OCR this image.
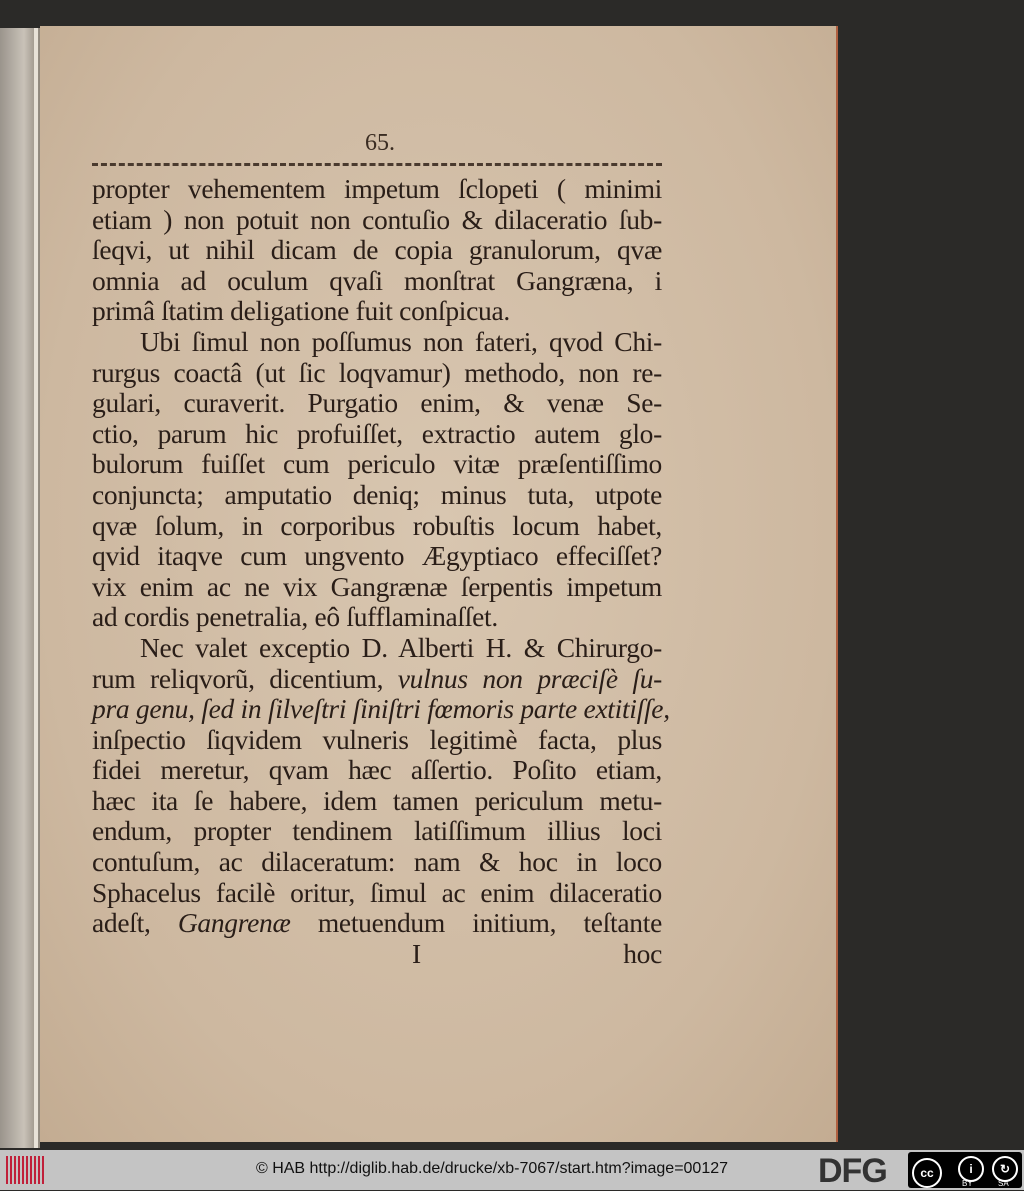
65.
propter vehementem impetum ſclopeti ( minimi
etiam ) non potuit non contuſio & dilaceratio ſub-
ſeqvi, ut nihil dicam de copia granulorum, qvæ
omnia ad oculum qvaſi monſtrat Gangræna, i
primâ ſtatim deligatione fuit conſpicua.
Ubi ſimul non poſſumus non fateri, qvod Chi-
rurgus coactâ (ut ſic loqvamur) methodo, non re-
gulari, curaverit. Purgatio enim, & venæ Se-
ctio, parum hic profuiſſet, extractio autem glo-
bulorum fuiſſet cum periculo vitæ præſentiſſimo
conjuncta; amputatio deniq; minus tuta, utpote
qvæ ſolum, in corporibus robuſtis locum habet,
qvid itaqve cum ungvento Ægyptiaco effeciſſet?
vix enim ac ne vix Gangrænæ ſerpentis impetum
ad cordis penetralia, eô ſufflaminaſſet.
Nec valet exceptio D. Alberti H. & Chirurgo-
rum reliqvorũ, dicentium, vulnus non præciſè ſu-
pra genu, ſed in ſilveſtri ſiniſtri fœmoris parte extitiſſe,
inſpectio ſiqvidem vulneris legitimè facta, plus
fidei meretur, qvam hæc aſſertio. Poſito etiam,
hæc ita ſe habere, idem tamen periculum metu-
endum, propter tendinem latiſſimum illius loci
contuſum, ac dilaceratum: nam & hoc in loco
Sphacelus facilè oritur, ſimul ac enim dilaceratio
adeſt, Gangrenæ metuendum initium, teſtante
I	hoc
© HAB http://diglib.hab.de/drucke/xb-7067/start.htm?image=00127	DFG	cc	i	↻
BY	SA
